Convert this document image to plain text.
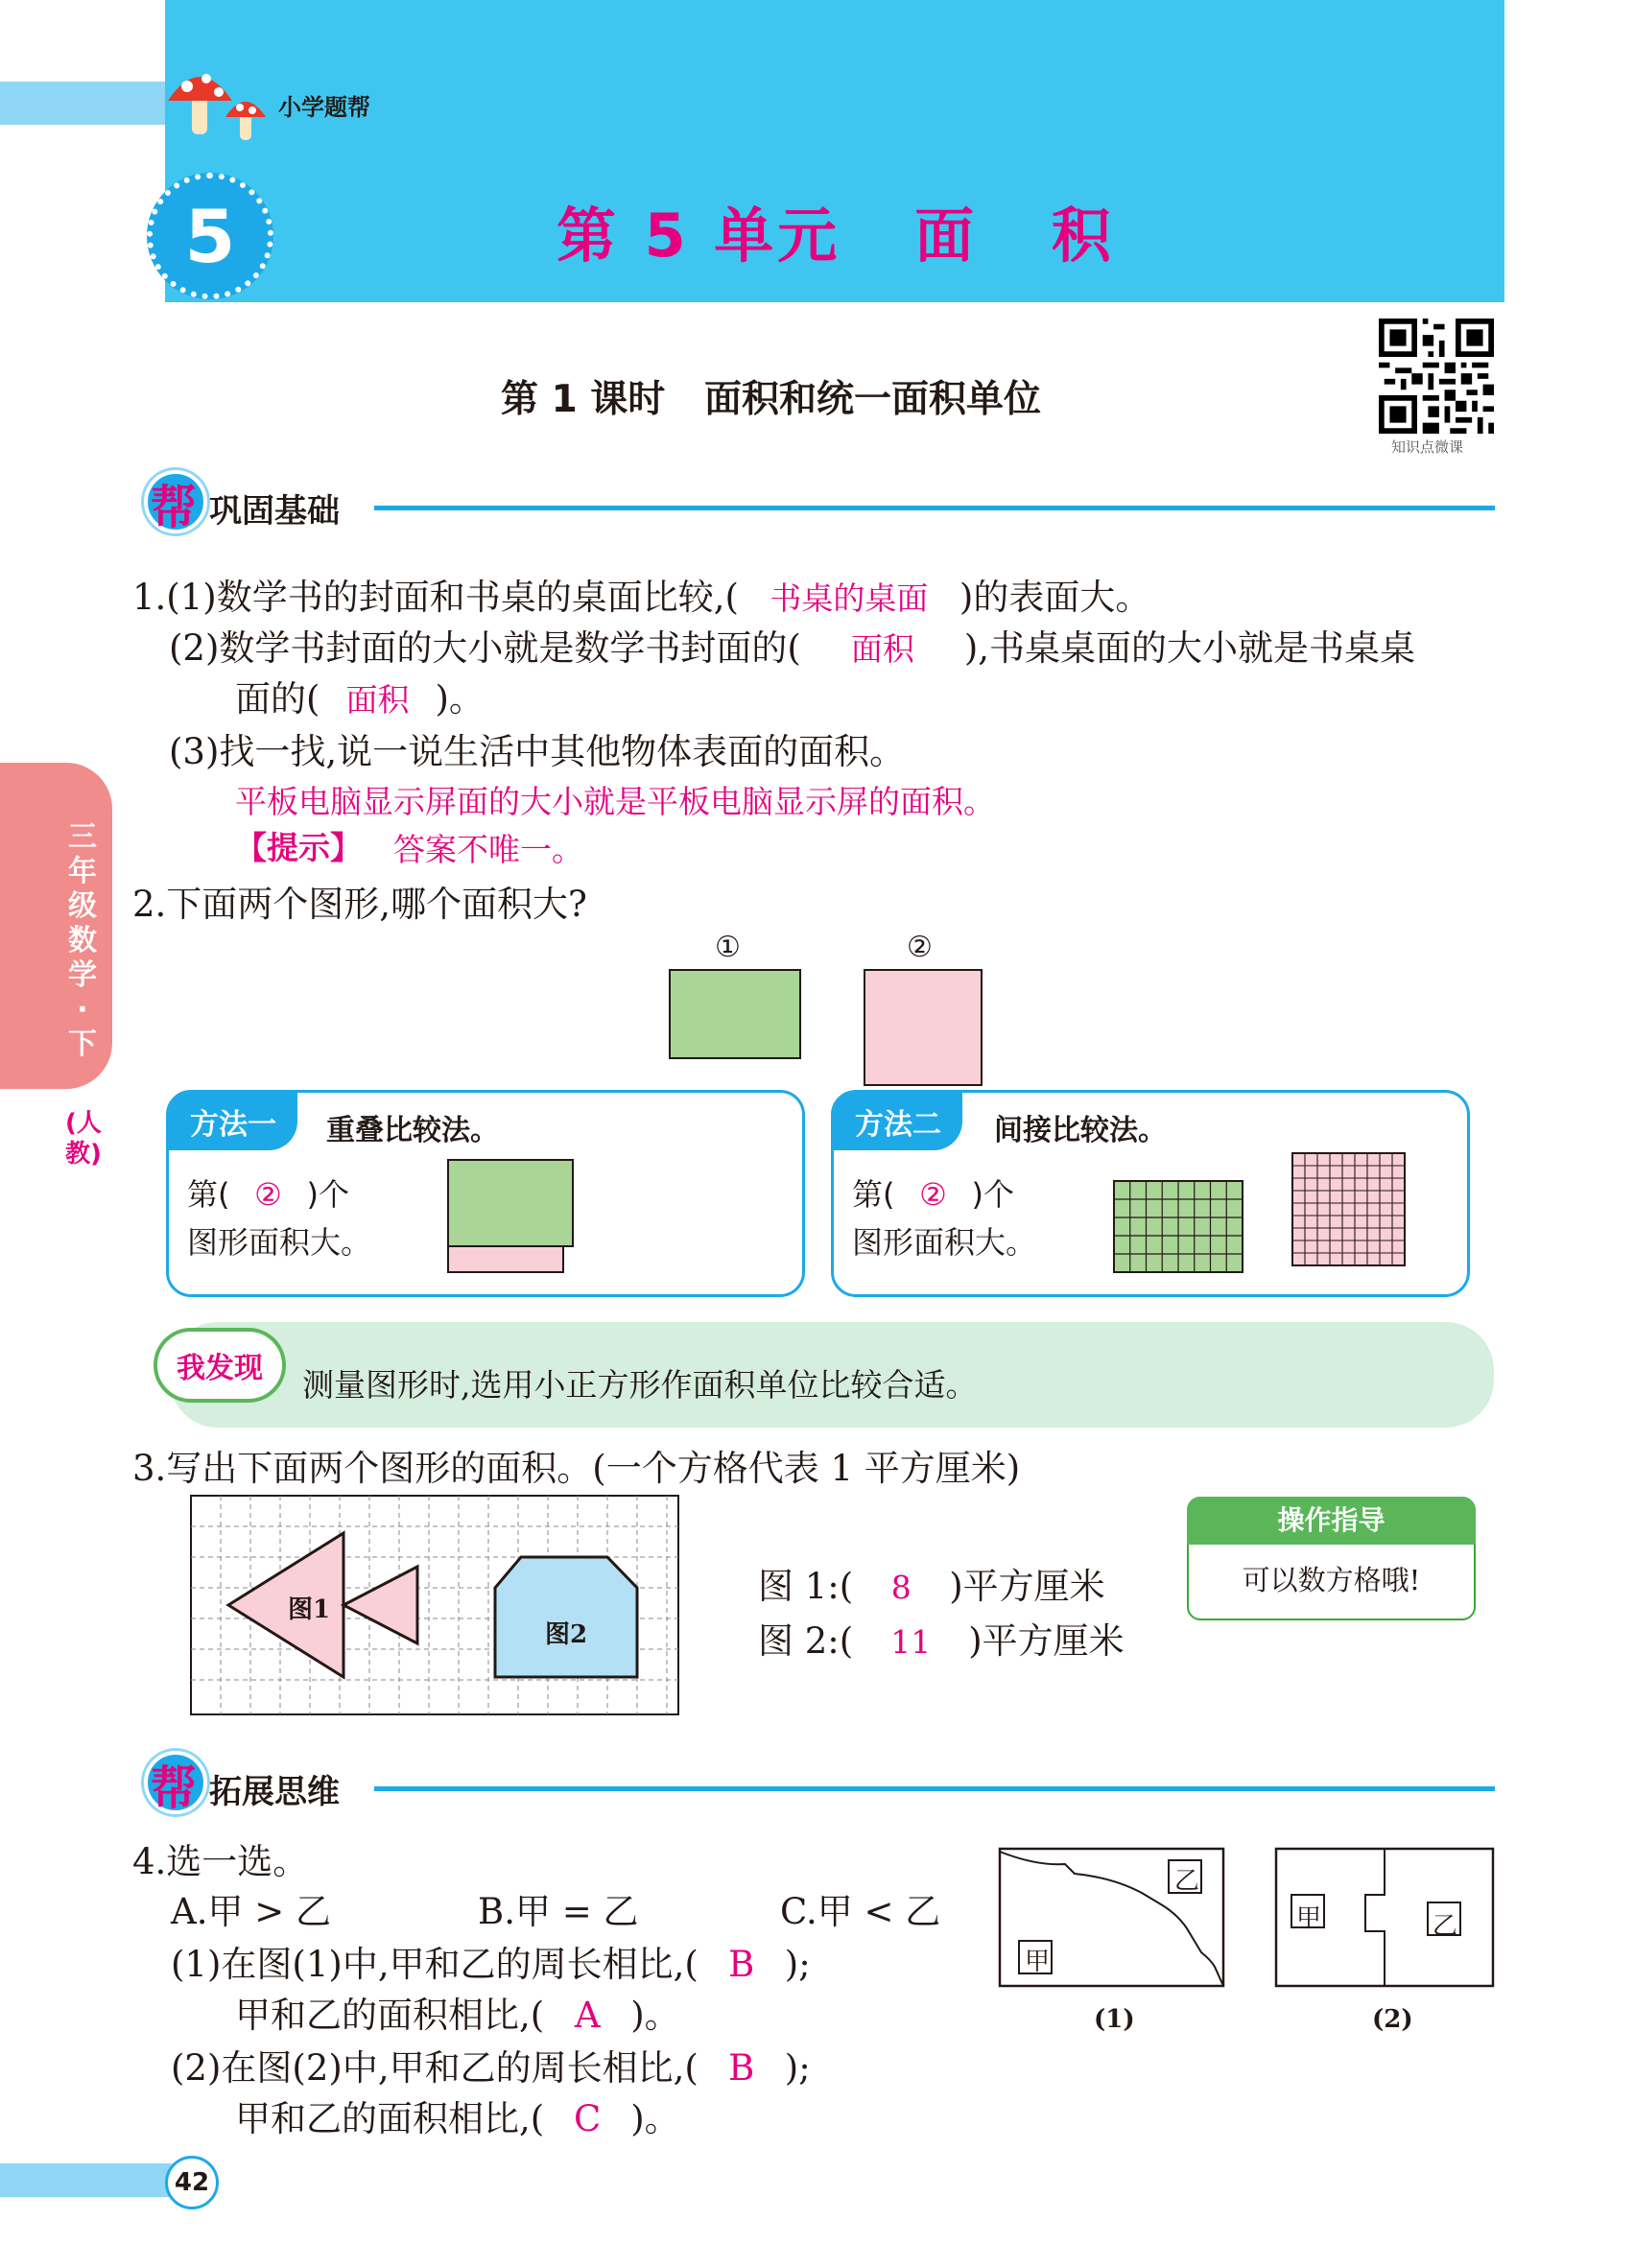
小学题帮
5	第 5 单元   面   积
第 1 课时   面积和统一面积单位
知识点微课
三年级数学·下
(人教)
帮 巩固基础
1.(1)数学书的封面和书桌的桌面比较,( 书桌的桌面 )的表面大。
(2)数学书封面的大小就是数学书封面的( 面积 ),书桌桌面的大小就是书桌桌
面的( 面积 )。
(3)找一找,说一说生活中其他物体表面的面积。
平板电脑显示屏面的大小就是平板电脑显示屏的面积。
【提示】 答案不唯一。
2.下面两个图形,哪个面积大?
①	②
方法一	重叠比较法。
第( ② )个
图形面积大。
方法二	间接比较法。
第( ② )个
图形面积大。
我发现	测量图形时,选用小正方形作面积单位比较合适。
3.写出下面两个图形的面积。(一个方格代表 1 平方厘米)
图1
图2
图 1:( 8 )平方厘米
图 2:( 11 )平方厘米
操作指导
可以数方格哦!
帮 拓展思维
4.选一选。
A.甲 > 乙	B.甲 = 乙	C.甲 < 乙
(1)在图(1)中,甲和乙的周长相比,( B );
甲和乙的面积相比,( A )。
(2)在图(2)中,甲和乙的周长相比,( B );
甲和乙的面积相比,( C )。
乙
甲
甲	乙
(1)	(2)
42
